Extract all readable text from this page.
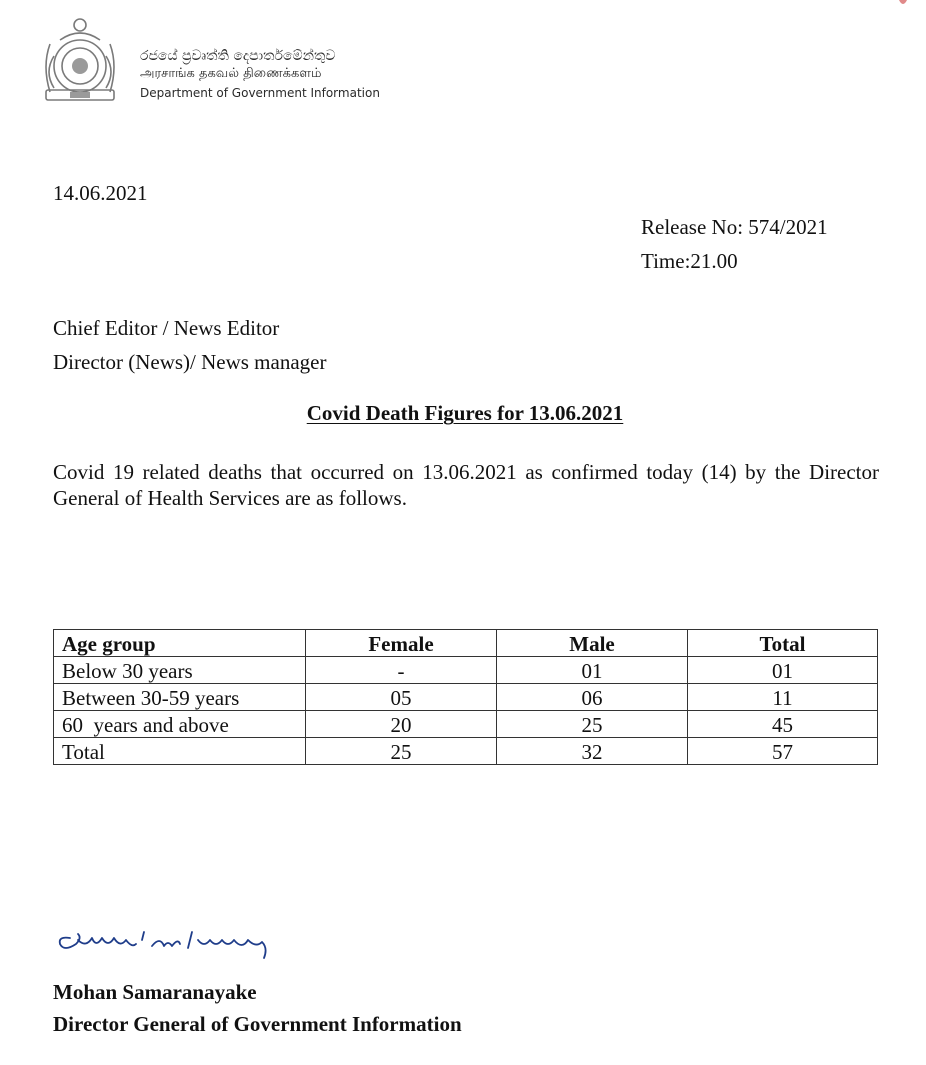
රජයේ ප්‍රවෘත්ති දෙපාර්තමේන්තුව
அரசாங்க தகவல் திணைக்களம்
Department of Government Information
14.06.2021
Release No: 574/2021
Time:21.00
Chief Editor / News Editor
Director (News)/ News manager
Covid Death Figures for 13.06.2021
Covid 19 related deaths that occurred on 13.06.2021 as confirmed today (14) by the Director General of Health Services are as follows.
Age group	Female	Male	Total
Below 30 years	-	01	01
Between 30-59 years	05	06	11
60  years and above	20	25	45
Total	25	32	57
Mohan Samaranayake
Director General of Government Information
